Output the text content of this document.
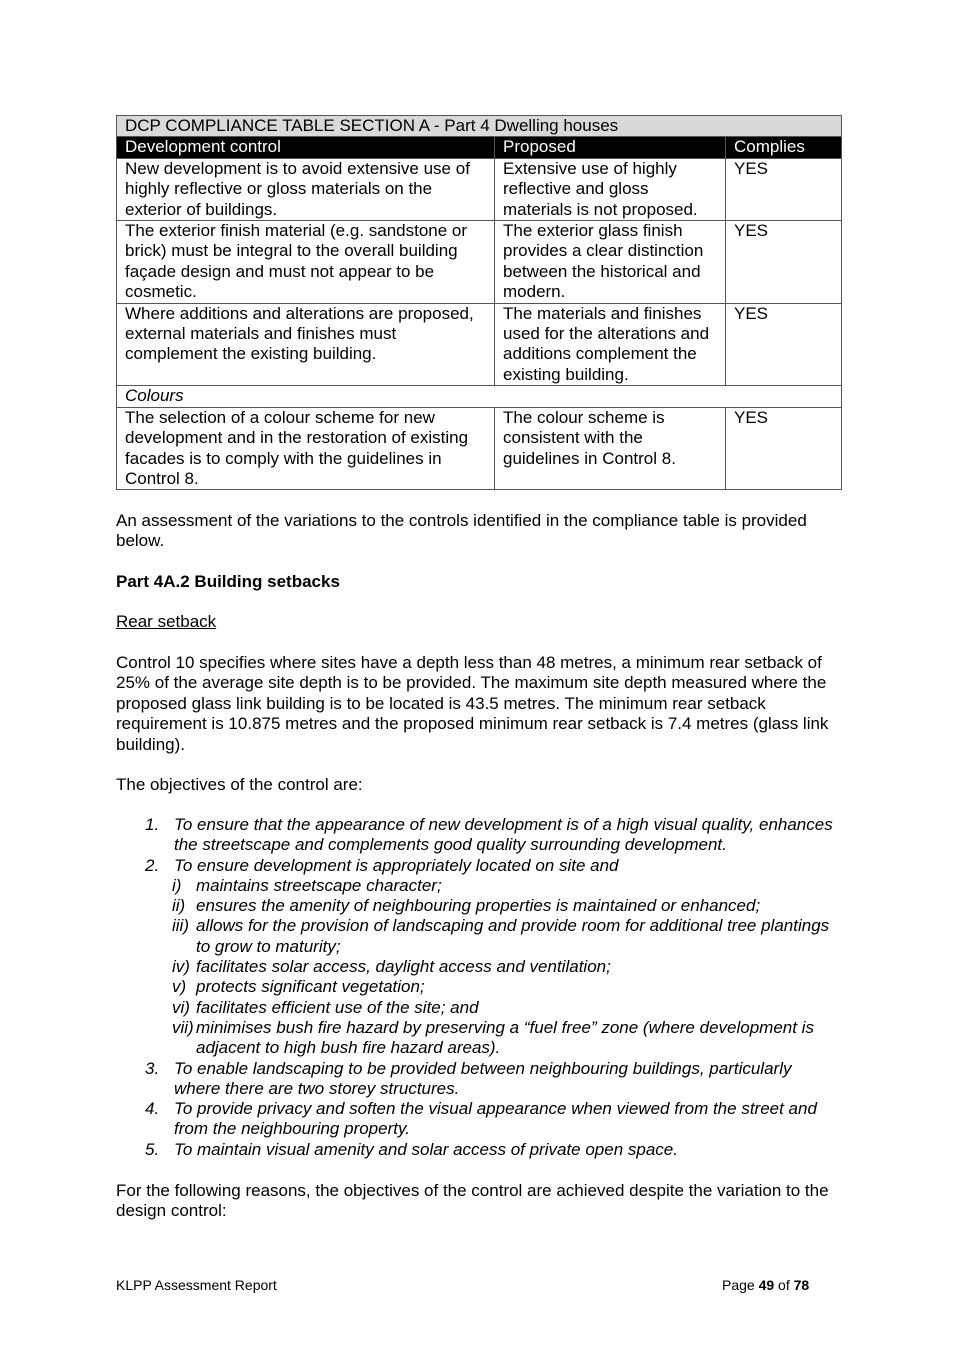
DCP COMPLIANCE TABLE SECTION A - Part 4 Dwelling houses		
Development control	Proposed	Complies
New development is to avoid extensive use of highly reflective or gloss materials on the exterior of buildings.	Extensive use of highly reflective and gloss materials is not proposed.	YES
The exterior finish material (e.g. sandstone or brick) must be integral to the overall building façade design and must not appear to be cosmetic.	The exterior glass finish provides a clear distinction between the historical and modern.	YES
Where additions and alterations are proposed, external materials and finishes must complement the existing building.	The materials and finishes used for the alterations and additions complement the existing building.	YES
Colours		
The selection of a colour scheme for new development and in the restoration of existing facades is to comply with the guidelines in Control 8.	The colour scheme is consistent with the guidelines in Control 8.	YES

An assessment of the variations to the controls identified in the compliance table is provided below.

Part 4A.2 Building setbacks

Rear setback

Control 10 specifies where sites have a depth less than 48 metres, a minimum rear setback of 25% of the average site depth is to be provided. The maximum site depth measured where the proposed glass link building is to be located is 43.5 metres. The minimum rear setback requirement is 10.875 metres and the proposed minimum rear setback is 7.4 metres (glass link building).

The objectives of the control are:

1. To ensure that the appearance of new development is of a high visual quality, enhances the streetscape and complements good quality surrounding development.
2. To ensure development is appropriately located on site and
i) maintains streetscape character;
ii) ensures the amenity of neighbouring properties is maintained or enhanced;
iii) allows for the provision of landscaping and provide room for additional tree plantings to grow to maturity;
iv) facilitates solar access, daylight access and ventilation;
v) protects significant vegetation;
vi) facilitates efficient use of the site; and
vii) minimises bush fire hazard by preserving a “fuel free” zone (where development is adjacent to high bush fire hazard areas).
3. To enable landscaping to be provided between neighbouring buildings, particularly where there are two storey structures.
4. To provide privacy and soften the visual appearance when viewed from the street and from the neighbouring property.
5. To maintain visual amenity and solar access of private open space.

For the following reasons, the objectives of the control are achieved despite the variation to the design control:

KLPP Assessment Report	Page 49 of 78
